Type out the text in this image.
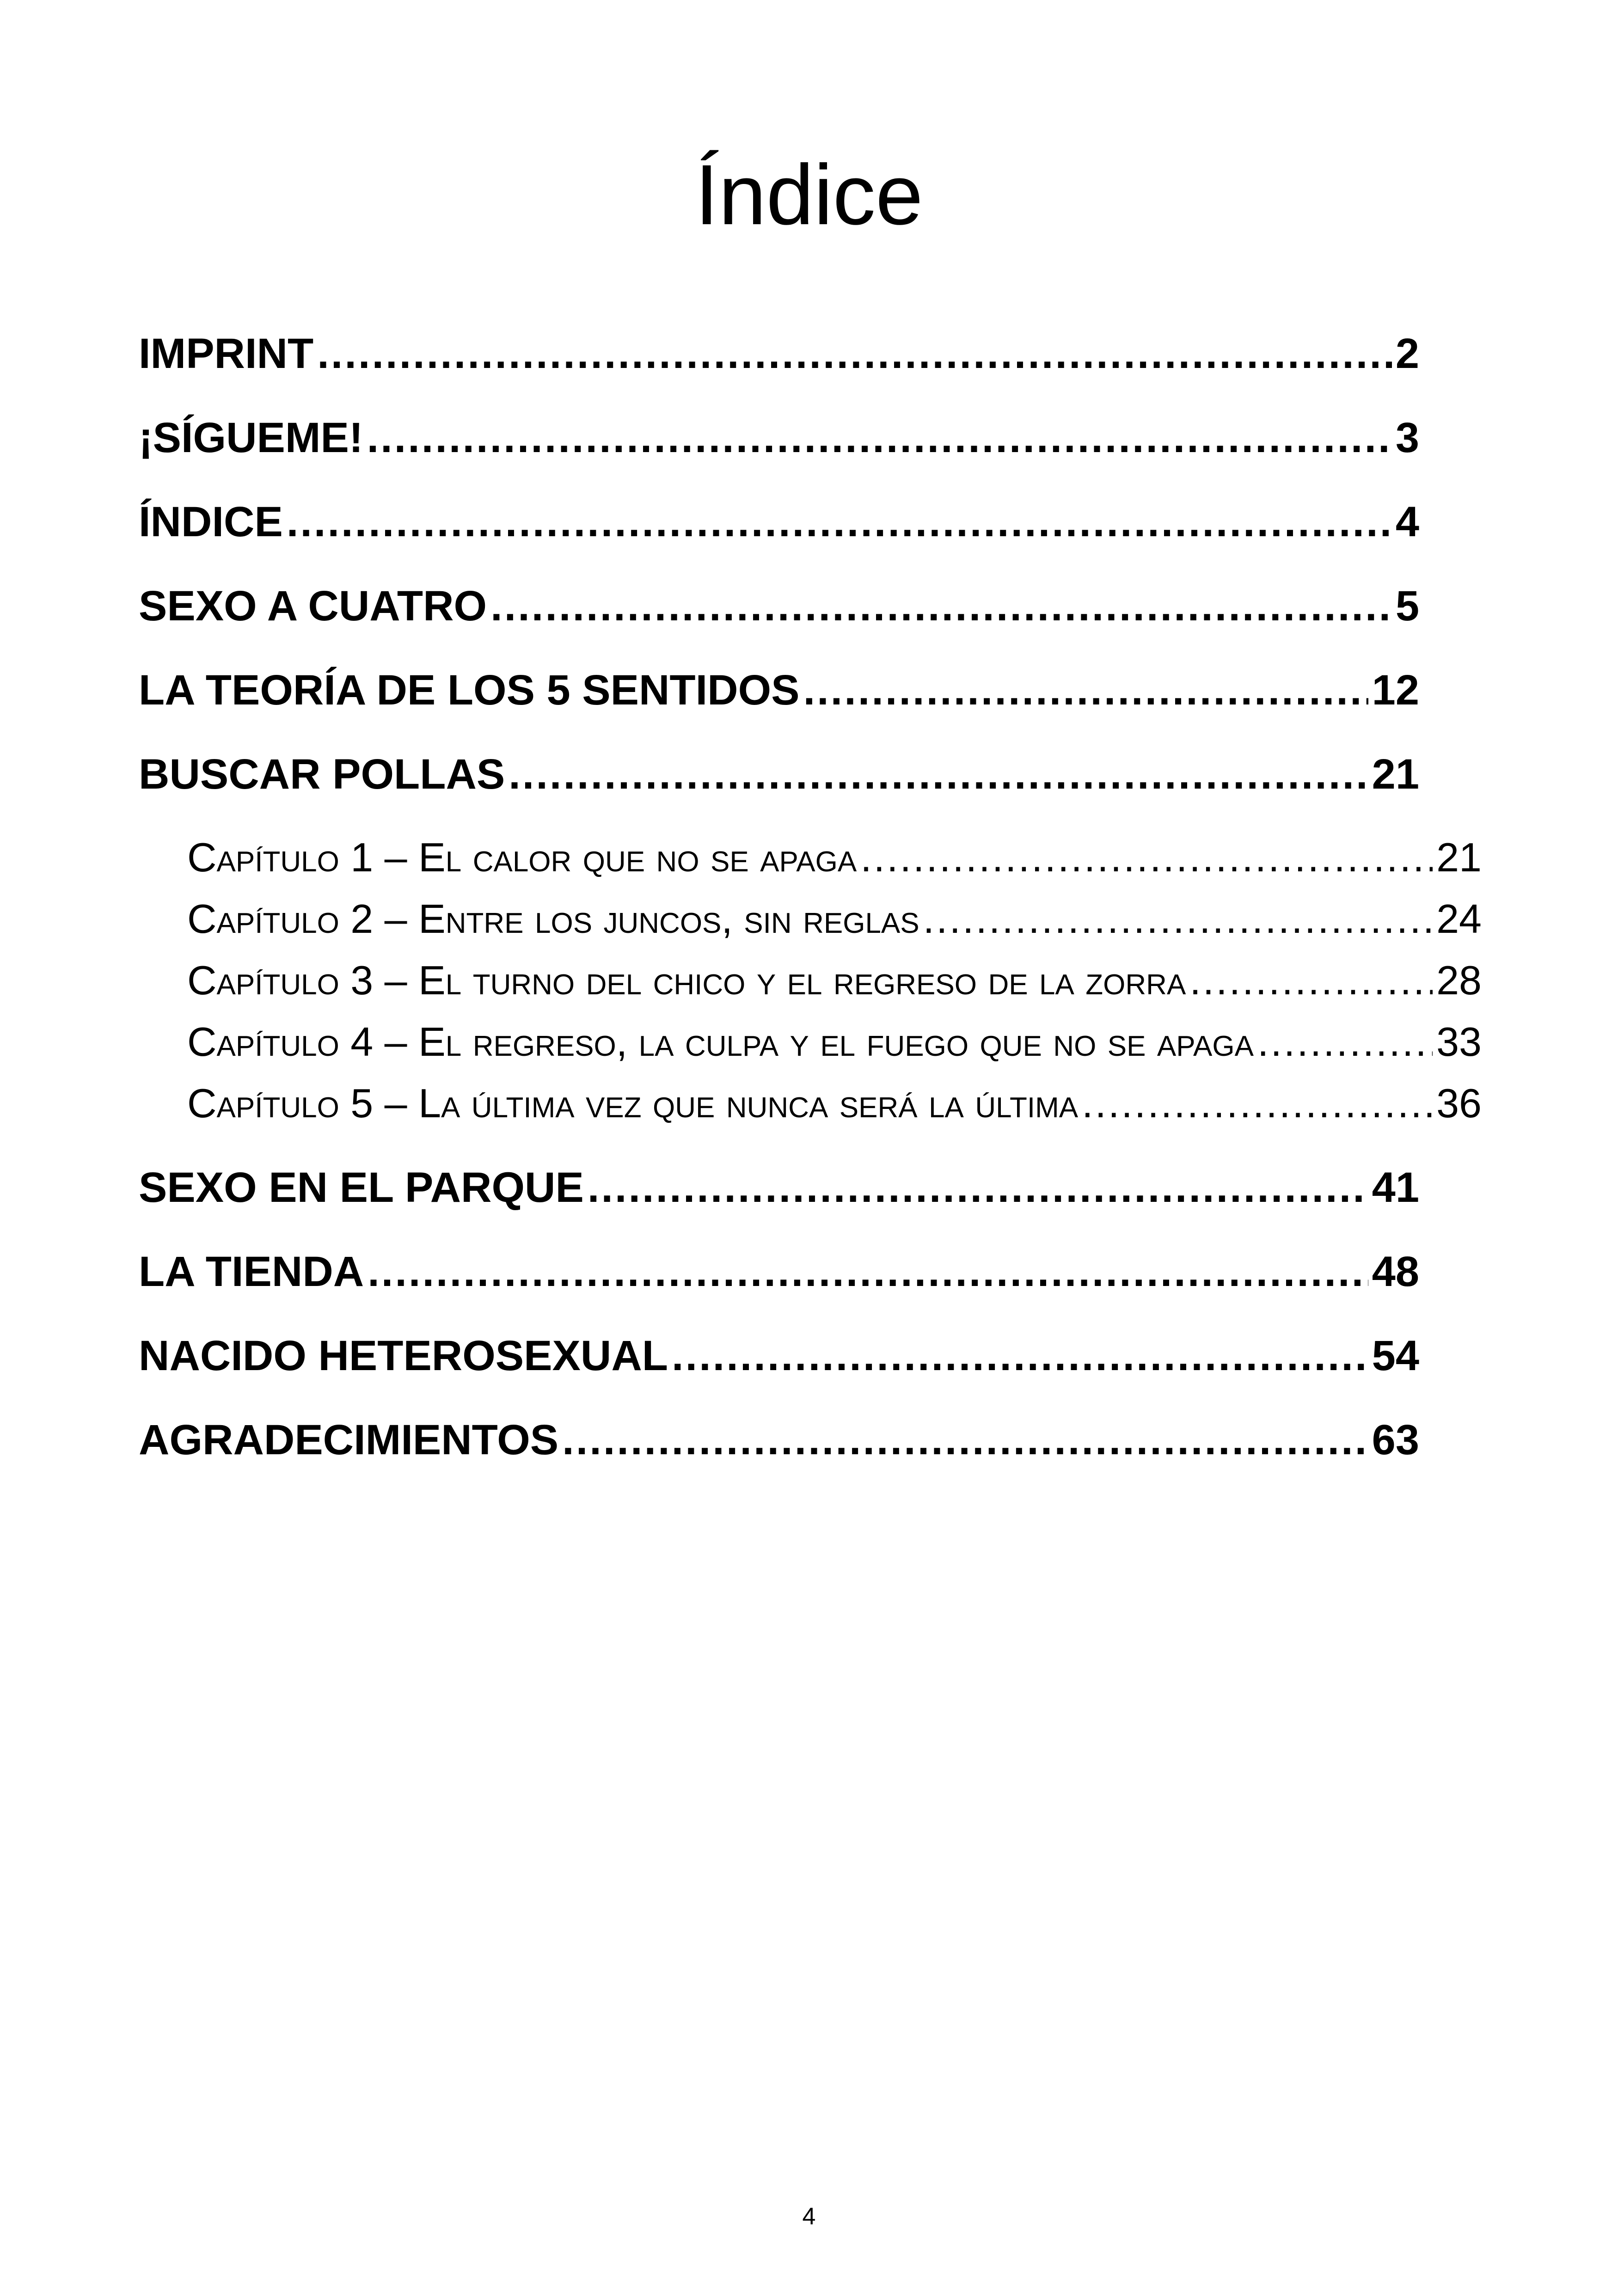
Índice
IMPRINT .....	2
¡SÍGUEME! .....	3
ÍNDICE .....	4
SEXO A CUATRO .....	5
LA TEORÍA DE LOS 5 SENTIDOS .....	12
BUSCAR POLLAS .....	21
Capítulo 1 – El calor que no se apaga .....	21
Capítulo 2 – Entre los juncos, sin reglas .....	24
Capítulo 3 – El turno del chico y el regreso de la zorra .....	28
Capítulo 4 – El regreso, la culpa y el fuego que no se apaga .....	33
Capítulo 5 – La última vez que nunca será la última .....	36
SEXO EN EL PARQUE .....	41
LA TIENDA .....	48
NACIDO HETEROSEXUAL .....	54
AGRADECIMIENTOS .....	63
4
